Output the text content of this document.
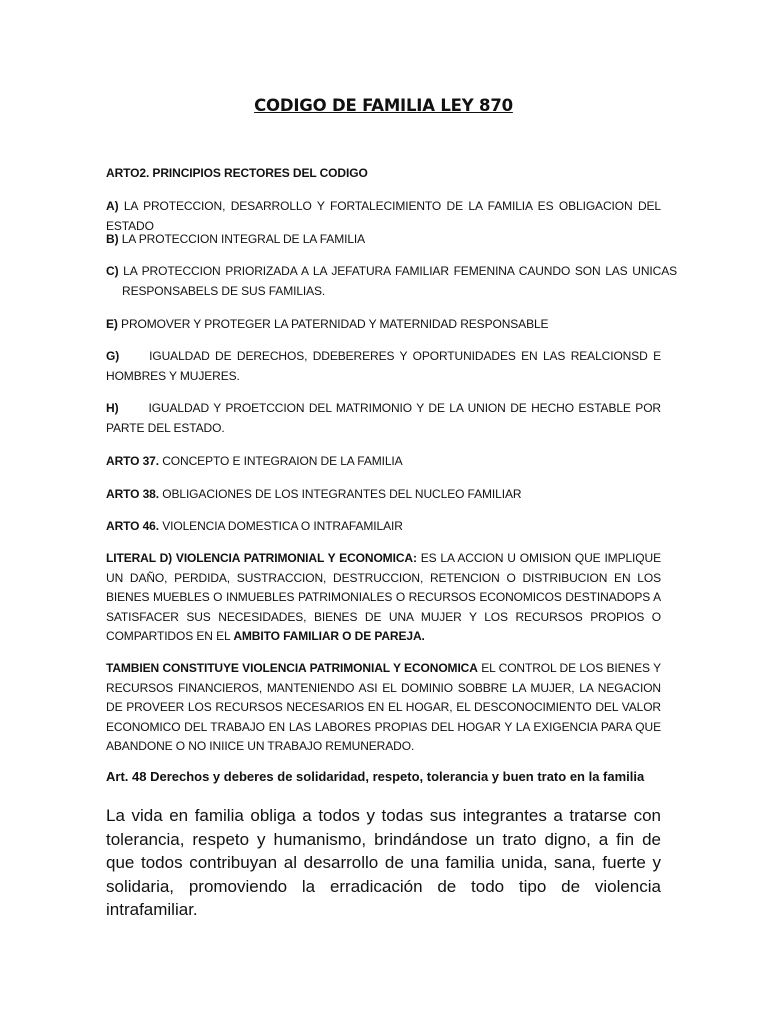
CODIGO DE FAMILIA LEY 870
ARTO2. PRINCIPIOS RECTORES DEL CODIGO
A) LA PROTECCION, DESARROLLO Y FORTALECIMIENTO DE LA FAMILIA ES OBLIGACION DEL ESTADO
B) LA PROTECCION INTEGRAL DE LA FAMILIA
C) LA PROTECCION PRIORIZADA A LA JEFATURA FAMILIAR FEMENINA CAUNDO SON LAS UNICAS RESPONSABELS DE SUS FAMILIAS.
E) PROMOVER Y PROTEGER LA PATERNIDAD Y MATERNIDAD RESPONSABLE
G)	IGUALDAD DE DERECHOS, DDEBERERES Y OPORTUNIDADES EN LAS REALCIONSD E HOMBRES Y MUJERES.
H)	IGUALDAD Y PROETCCION DEL MATRIMONIO Y DE LA UNION DE HECHO ESTABLE POR PARTE DEL ESTADO.
ARTO 37. CONCEPTO E INTEGRAION DE LA FAMILIA
ARTO 38. OBLIGACIONES DE LOS INTEGRANTES DEL NUCLEO FAMILIAR
ARTO 46. VIOLENCIA DOMESTICA O INTRAFAMILAIR
LITERAL D) VIOLENCIA PATRIMONIAL Y ECONOMICA: ES LA ACCION U OMISION QUE IMPLIQUE UN DAÑO, PERDIDA, SUSTRACCION, DESTRUCCION, RETENCION O DISTRIBUCION EN LOS BIENES MUEBLES O INMUEBLES PATRIMONIALES O RECURSOS ECONOMICOS DESTINADOPS A SATISFACER SUS NECESIDADES, BIENES DE UNA MUJER Y LOS RECURSOS PROPIOS O COMPARTIDOS EN EL AMBITO FAMILIAR O DE PAREJA.
TAMBIEN CONSTITUYE VIOLENCIA PATRIMONIAL Y ECONOMICA EL CONTROL DE LOS BIENES Y RECURSOS FINANCIEROS, MANTENIENDO ASI EL DOMINIO SOBBRE LA MUJER, LA NEGACION DE PROVEER LOS RECURSOS NECESARIOS EN EL HOGAR, EL DESCONOCIMIENTO DEL VALOR ECONOMICO DEL TRABAJO EN LAS LABORES PROPIAS DEL HOGAR Y LA EXIGENCIA PARA QUE ABANDONE O NO INIICE UN TRABAJO REMUNERADO.
Art. 48 Derechos y deberes de solidaridad, respeto, tolerancia y buen trato en la familia
La vida en familia obliga a todos y todas sus integrantes a tratarse con tolerancia, respeto y humanismo, brindándose un trato digno, a fin de que todos contribuyan al desarrollo de una familia unida, sana, fuerte y solidaria, promoviendo la erradicación de todo tipo de violencia intrafamiliar.
